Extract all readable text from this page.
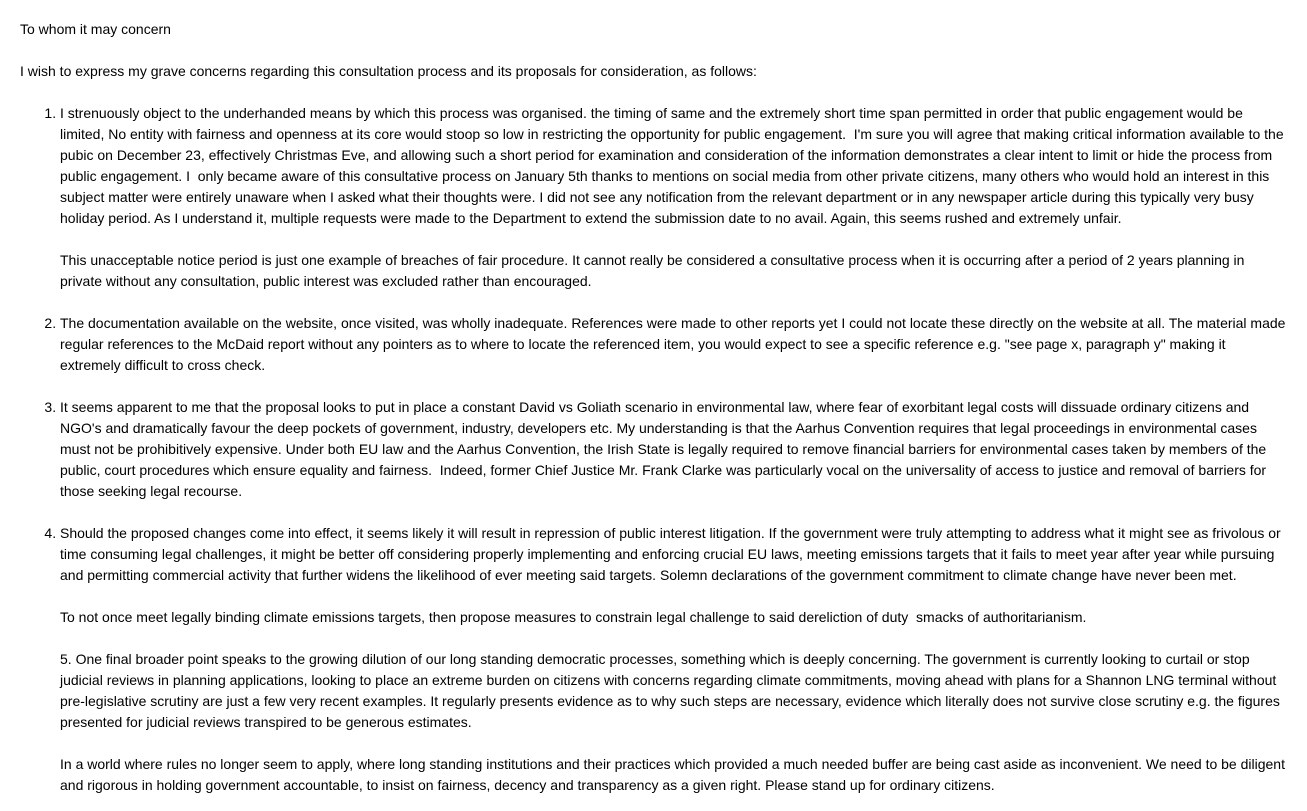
To whom it may concern

I wish to express my grave concerns regarding this consultation process and its proposals for consideration, as follows:

1. I strenuously object to the underhanded means by which this process was organised. the timing of same and the extremely short time span permitted in order that public engagement would be limited, No entity with fairness and openness at its core would stoop so low in restricting the opportunity for public engagement.  I'm sure you will agree that making critical information available to the pubic on December 23, effectively Christmas Eve, and allowing such a short period for examination and consideration of the information demonstrates a clear intent to limit or hide the process from public engagement. I  only became aware of this consultative process on January 5th thanks to mentions on social media from other private citizens, many others who would hold an interest in this subject matter were entirely unaware when I asked what their thoughts were. I did not see any notification from the relevant department or in any newspaper article during this typically very busy holiday period. As I understand it, multiple requests were made to the Department to extend the submission date to no avail. Again, this seems rushed and extremely unfair.

This unacceptable notice period is just one example of breaches of fair procedure. It cannot really be considered a consultative process when it is occurring after a period of 2 years planning in private without any consultation, public interest was excluded rather than encouraged.

2. The documentation available on the website, once visited, was wholly inadequate. References were made to other reports yet I could not locate these directly on the website at all. The material made regular references to the McDaid report without any pointers as to where to locate the referenced item, you would expect to see a specific reference e.g. "see page x, paragraph y" making it extremely difficult to cross check.

3. It seems apparent to me that the proposal looks to put in place a constant David vs Goliath scenario in environmental law, where fear of exorbitant legal costs will dissuade ordinary citizens and NGO's and dramatically favour the deep pockets of government, industry, developers etc. My understanding is that the Aarhus Convention requires that legal proceedings in environmental cases must not be prohibitively expensive. Under both EU law and the Aarhus Convention, the Irish State is legally required to remove financial barriers for environmental cases taken by members of the public, court procedures which ensure equality and fairness.  Indeed, former Chief Justice Mr. Frank Clarke was particularly vocal on the universality of access to justice and removal of barriers for those seeking legal recourse.

4. Should the proposed changes come into effect, it seems likely it will result in repression of public interest litigation. If the government were truly attempting to address what it might see as frivolous or time consuming legal challenges, it might be better off considering properly implementing and enforcing crucial EU laws, meeting emissions targets that it fails to meet year after year while pursuing and permitting commercial activity that further widens the likelihood of ever meeting said targets. Solemn declarations of the government commitment to climate change have never been met.

To not once meet legally binding climate emissions targets, then propose measures to constrain legal challenge to said dereliction of duty  smacks of authoritarianism.

5. One final broader point speaks to the growing dilution of our long standing democratic processes, something which is deeply concerning. The government is currently looking to curtail or stop judicial reviews in planning applications, looking to place an extreme burden on citizens with concerns regarding climate commitments, moving ahead with plans for a Shannon LNG terminal without pre-legislative scrutiny are just a few very recent examples. It regularly presents evidence as to why such steps are necessary, evidence which literally does not survive close scrutiny e.g. the figures presented for judicial reviews transpired to be generous estimates.

In a world where rules no longer seem to apply, where long standing institutions and their practices which provided a much needed buffer are being cast aside as inconvenient. We need to be diligent and rigorous in holding government accountable, to insist on fairness, decency and transparency as a given right. Please stand up for ordinary citizens.
